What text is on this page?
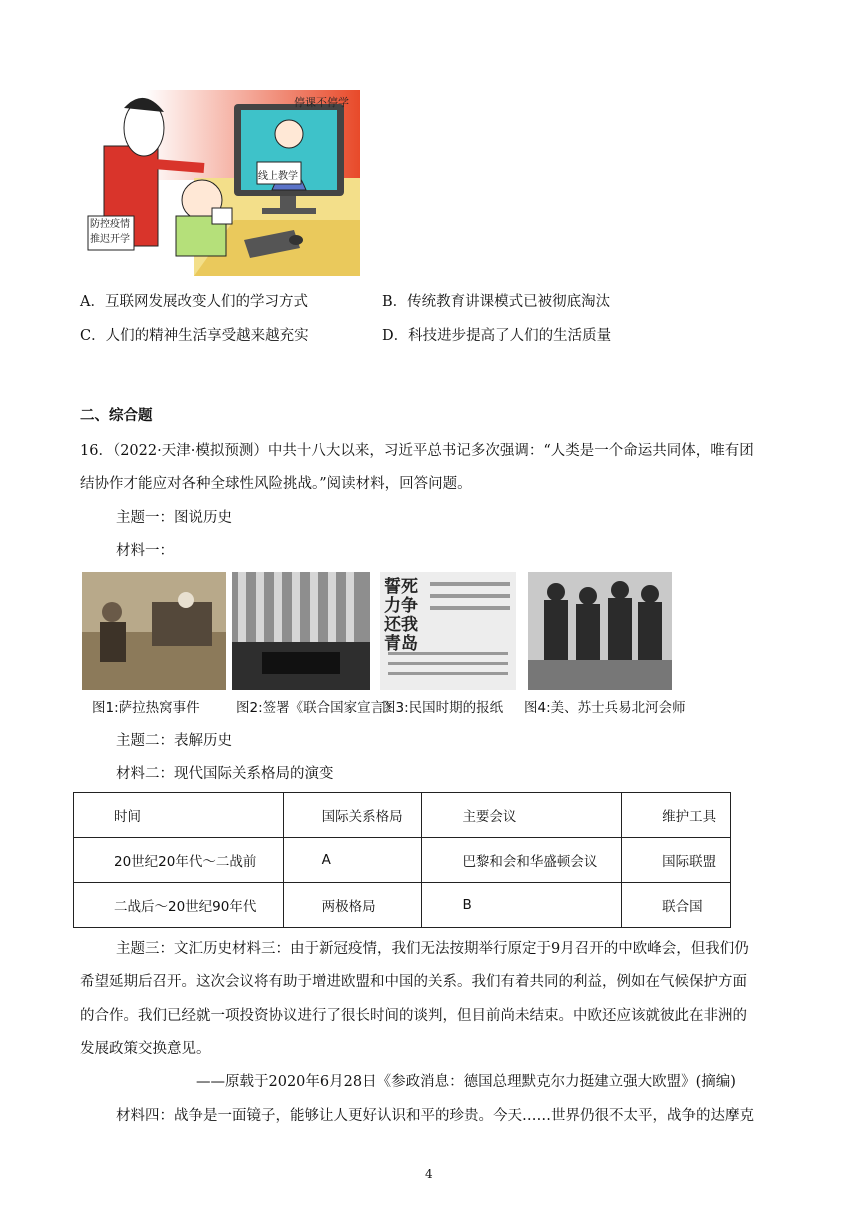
停课不停学
线上教学
防控疫情
推迟开学
A．互联网发展改变人们的学习方式	B．传统教育讲课模式已被彻底淘汰
C．人们的精神生活享受越来越充实	D．科技进步提高了人们的生活质量
二、综合题
16．（2022·天津·模拟预测）中共十八大以来，习近平总书记多次强调：“人类是一个命运共同体，唯有团
结协作才能应对各种全球性风险挑战。”阅读材料，回答问题。
主题一：图说历史
材料一：
誓死力争还我青岛
图1:萨拉热窝事件	图2:签署《联合国家宣言》
图3:民国时期的报纸 图4:美、苏士兵易北河会师
主题二：表解历史
材料二：现代国际关系格局的演变
时间	国际关系格局	主要会议	维护工具
20世纪20年代～二战前	A	巴黎和会和华盛顿会议	国际联盟
二战后～20世纪90年代	两极格局	B	联合国
主题三：文汇历史材料三：由于新冠疫情，我们无法按期举行原定于9月召开的中欧峰会，但我们仍
希望延期后召开。这次会议将有助于增进欧盟和中国的关系。我们有着共同的利益，例如在气候保护方面
的合作。我们已经就一项投资协议进行了很长时间的谈判，但目前尚未结束。中欧还应该就彼此在非洲的
发展政策交换意见。
——原载于2020年6月28日《参政消息：德国总理默克尔力挺建立强大欧盟》(摘编)
材料四：战争是一面镜子，能够让人更好认识和平的珍贵。今天……世界仍很不太平，战争的达摩克
4
